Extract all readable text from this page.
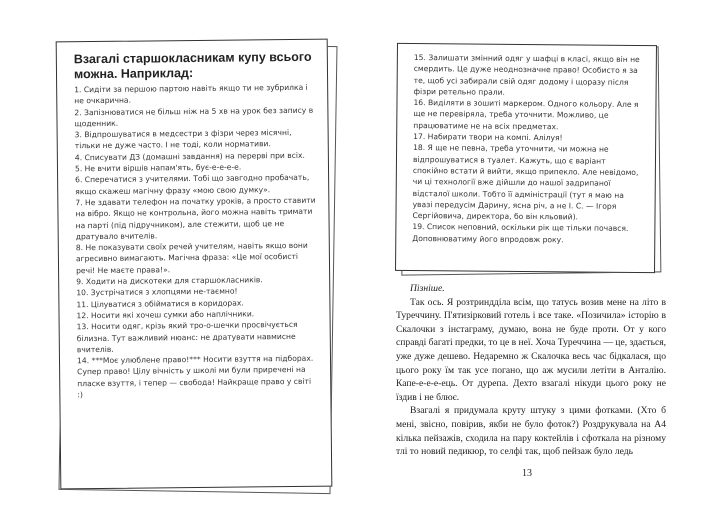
Взагалі старшокласникам купу всього можна. Наприклад:
1. Сидіти за першою партою навіть якщо ти не зубрилка і не очкарична.
2. Запізнюватися не більш ніж на 5 хв на урок без запису в щоденник.
3. Відпрошуватися в медсестри з фізри через місячні, тільки не дуже часто. І не тоді, коли нормативи.
4. Списувати ДЗ (домашні завдання) на перерві при всіх.
5. Не вчити віршів напам'ять, бує-е-е-е-е.
6. Сперечатися з учителями. Тобі що завгодно пробачать, якщо скажеш магічну фразу «мою свою думку».
7. Не здавати телефон на початку уроків, а просто ставити на вібро. Якщо не контрольна, його можна навіть тримати на парті (під підручником), але стежити, щоб це не дратувало вчителів.
8. Не показувати своїх речей учителям, навіть якщо вони агресивно вимагають. Магічна фраза: «Це мої особисті речі! Не маєте права!».
9. Ходити на дискотеки для старшокласників.
10. Зустрічатися з хлопцями не-таємно!
11. Цілуватися з обійматися в коридорах.
12. Носити які хочеш сумки або наплічники.
13. Носити одяг, крізь який тро-о-шечки просвічується білизна. Тут важливий нюанс: не дратувати навмисне вчителів.
14. ***Моє улюблене право!*** Носити взуття на підборах. Супер право! Цілу вічність у школі ми були приречені на пласке взуття, і тепер — свобода! Найкраще право у світі :)
15. Залишати змінний одяг у шафці в класі, якщо він не смердить. Це дуже неоднозначне право! Особисто я за те, щоб усі забирали свій одяг додому і щоразу після фізри ретельно прали.
16. Виділяти в зошиті маркером. Одного кольору. Але я ще не перевіряла, треба уточнити. Можливо, це працюватиме не на всіх предметах.
17. Набирати твори на компі. Алілуя!
18. Я ще не певна, треба уточнити, чи можна не відпрошуватися в туалет. Кажуть, що є варіант спокійно встати й вийти, якщо припекло. Але невідомо, чи ці технології вже дійшли до нашої задрипаної відсталої школи. Тобто її адміністрації (тут я маю на увазі передусім Дарину, ясна річ, а не І. С. — Ігоря Сергійовича, директора, бо він кльовий).
19. Список неповний, оскільки рік ще тільки почався. Доповнюватиму його впродовж року.

Пізніше.

Так ось. Я розтриндділа всім, що татусь возив мене на літо в Туреччину. П'ятизірковий готель і все таке. «Позичила» історію в Скалочки з інстаграму, думаю, вона не буде проти. От у кого справді багаті предки, то це в неї. Хоча Туреччина — це, здається, уже дуже дешево. Недаремно ж Скалочка весь час бідкалася, що цього року їм так усе погано, що аж мусили летіти в Анталію. Капе-е-е-е-ець. От дурепа. Дехто взагалі нікуди цього року не їздив і не блює.

Взагалі я придумала круту штуку з цими фотками. (Хто б мені, звісно, повірив, якби не було фоток?) Роздрукувала на А4 кілька пейзажів, сходила на пару коктейлів і сфоткала на різному тлі то новий педикюр, то селфі так, щоб пейзаж було ледь

13
